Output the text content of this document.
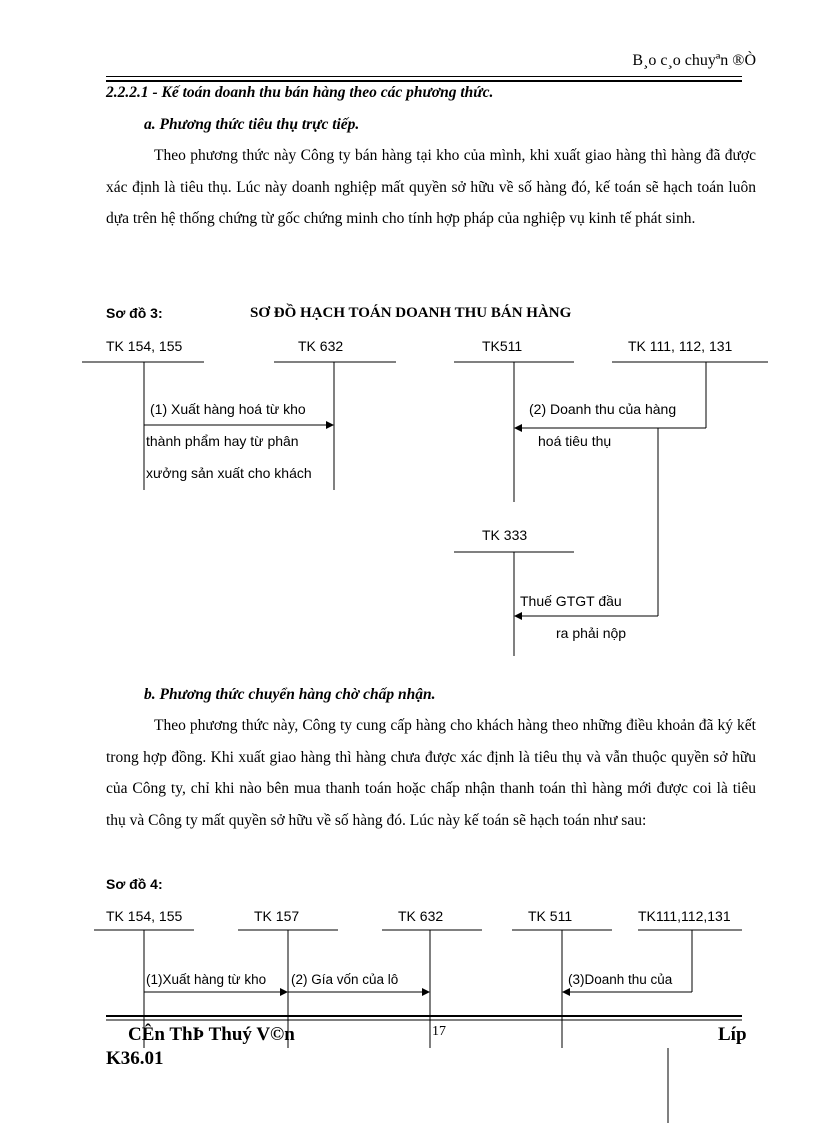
B¸o c¸o chuyªn ®Ò
2.2.2.1 - Kế toán doanh thu bán hàng theo các phương thức.
a. Phương thức tiêu thụ trực tiếp.
Theo phương thức này Công ty bán hàng tại kho của mình, khi xuất giao hàng thì hàng đã được xác định là tiêu thụ. Lúc này doanh nghiệp mất quyền sở hữu về số hàng đó, kế toán sẽ hạch toán luôn dựa trên hệ thống chứng từ gốc chứng minh cho tính hợp pháp của nghiệp vụ kinh tế phát sinh.
Sơ đồ 3:	SƠ ĐỒ HẠCH TOÁN DOANH THU BÁN HÀNG
TK 154, 155	TK 632	TK511	TK 111, 112, 131
TK 333
(1) Xuất hàng hoá từ kho
thành phẩm hay từ phân
xưởng sản xuất cho khách
(2) Doanh thu của hàng
hoá tiêu thụ
Thuế GTGT đầu
ra phải nộp
b. Phương thức chuyển hàng chờ chấp nhận.
Theo phương thức này, Công ty cung cấp hàng cho khách hàng theo những điều khoản đã ký kết trong hợp đồng. Khi xuất giao hàng thì hàng chưa được xác định là tiêu thụ và vẫn thuộc quyền sở hữu của Công ty, chỉ khi nào bên mua thanh toán hoặc chấp nhận thanh toán thì hàng mới được coi là tiêu thụ và Công ty mất quyền sở hữu về số hàng đó. Lúc này kế toán sẽ hạch toán như sau:
Sơ đồ 4:
TK 154, 155	TK 157	TK 632	TK 511	TK111,112,131
(1)Xuất hàng từ kho (2) Gía vốn của lô	(3)Doanh thu của
CÊn ThÞ Thuý V©n	17	Líp
K36.01
